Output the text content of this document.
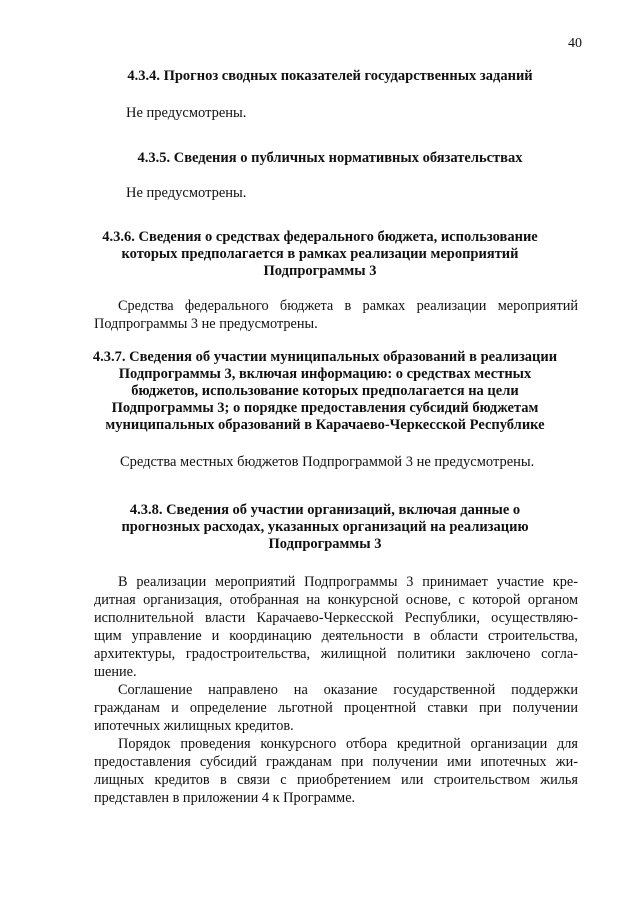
40
4.3.4. Прогноз сводных показателей государственных заданий
Не предусмотрены.
4.3.5. Сведения о публичных нормативных обязательствах
Не предусмотрены.
4.3.6. Сведения о средствах федерального бюджета, использование
которых предполагается в рамках реализации мероприятий
Подпрограммы 3
Средства федерального бюджета в рамках реализации мероприятий
Подпрограммы 3 не предусмотрены.
4.3.7. Сведения об участии муниципальных образований в реализации
Подпрограммы 3, включая информацию: о средствах местных
бюджетов, использование которых предполагается на цели
Подпрограммы 3; о порядке предоставления субсидий бюджетам
муниципальных образований в Карачаево-Черкесской Республике
Средства местных бюджетов Подпрограммой 3 не предусмотрены.
4.3.8. Сведения об участии организаций, включая данные о
прогнозных расходах, указанных организаций на реализацию
Подпрограммы 3
В реализации мероприятий Подпрограммы 3 принимает участие кре-
дитная организация, отобранная на конкурсной основе, с которой органом
исполнительной власти Карачаево-Черкесской Республики, осуществляю-
щим управление и координацию деятельности в области строительства,
архитектуры, градостроительства, жилищной политики заключено согла-
шение.
Соглашение направлено на оказание государственной поддержки
гражданам и определение льготной процентной ставки при получении
ипотечных жилищных кредитов.
Порядок проведения конкурсного отбора кредитной организации для
предоставления субсидий гражданам при получении ими ипотечных жи-
лищных кредитов в связи с приобретением или строительством жилья
представлен в приложении 4 к Программе.
